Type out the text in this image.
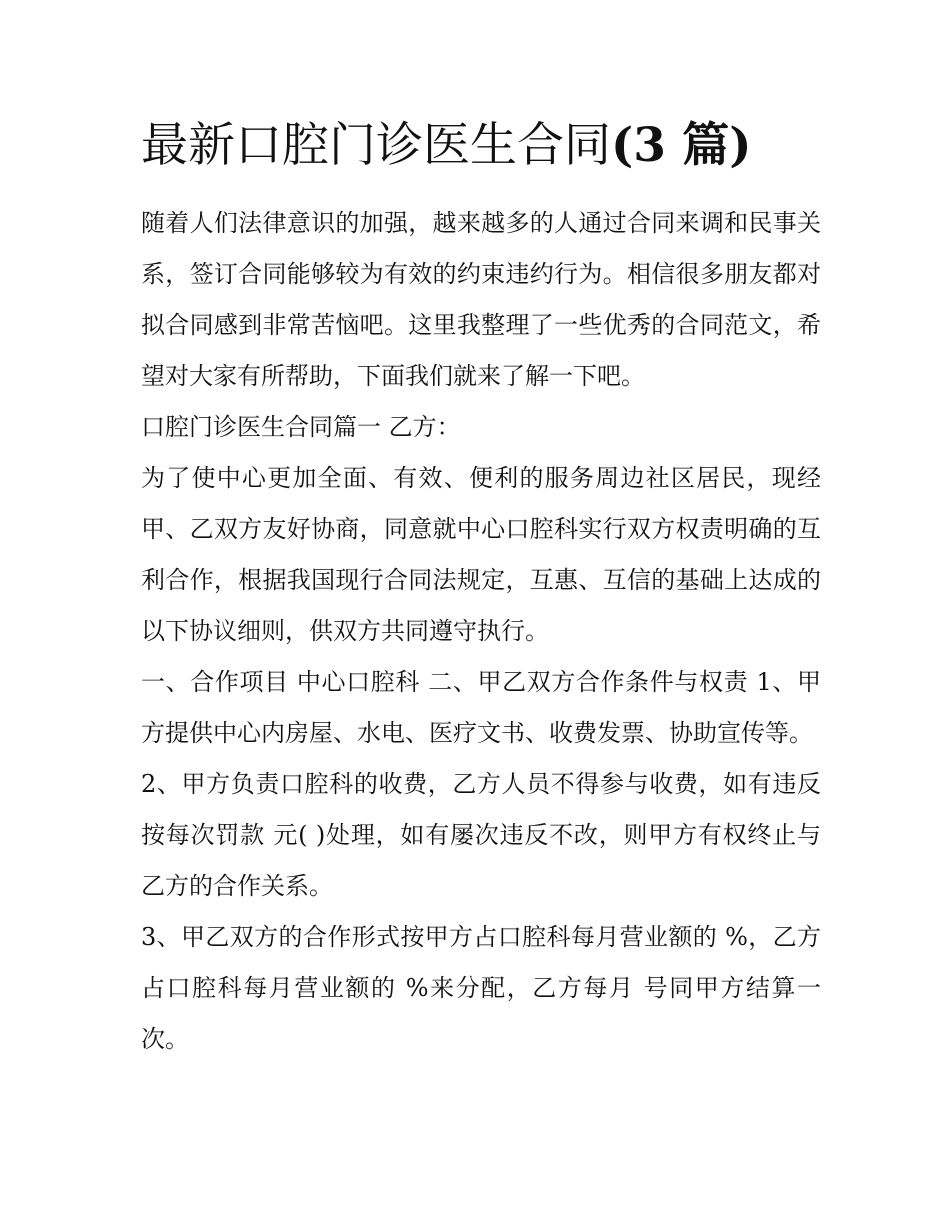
最新口腔门诊医生合同(3 篇)

随着人们法律意识的加强，越来越多的人通过合同来调和民事关系，签订合同能够较为有效的约束违约行为。相信很多朋友都对拟合同感到非常苦恼吧。这里我整理了一些优秀的合同范文，希望对大家有所帮助，下面我们就来了解一下吧。

口腔门诊医生合同篇一 乙方：

为了使中心更加全面、有效、便利的服务周边社区居民，现经甲、乙双方友好协商，同意就中心口腔科实行双方权责明确的互利合作，根据我国现行合同法规定，互惠、互信的基础上达成的以下协议细则，供双方共同遵守执行。

一、合作项目 中心口腔科 二、甲乙双方合作条件与权责 1、甲方提供中心内房屋、水电、医疗文书、收费发票、协助宣传等。

2、甲方负责口腔科的收费，乙方人员不得参与收费，如有违反按每次罚款 元( )处理，如有屡次违反不改，则甲方有权终止与乙方的合作关系。

3、甲乙双方的合作形式按甲方占口腔科每月营业额的 %，乙方占口腔科每月营业额的 %来分配，乙方每月 号同甲方结算一次。
